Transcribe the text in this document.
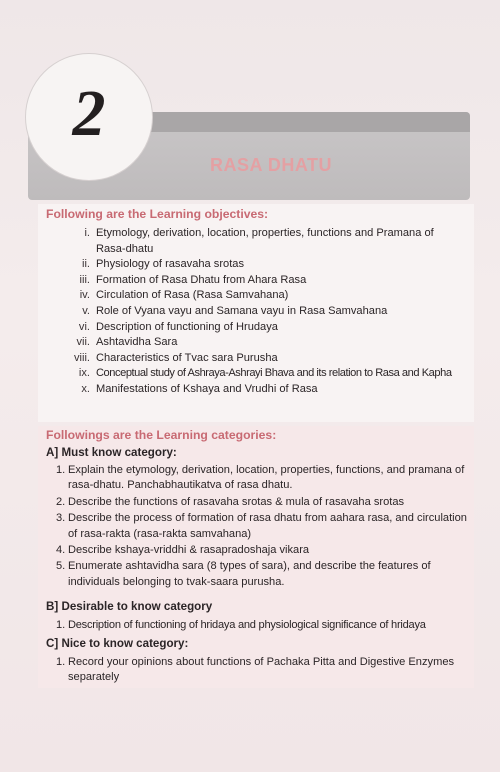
2
RASA DHATU
Following are the Learning objectives:
i. Etymology, derivation, location, properties, functions and Pramana of Rasa-dhatu
ii. Physiology of rasavaha srotas
iii. Formation of Rasa Dhatu from Ahara Rasa
iv. Circulation of Rasa (Rasa Samvahana)
v. Role of Vyana vayu and Samana vayu in Rasa Samvahana
vi. Description of functioning of Hrudaya
vii. Ashtavidha Sara
viii. Characteristics of Tvac sara Purusha
ix. Conceptual study of Ashraya-Ashrayi Bhava and its relation to Rasa and Kapha
x. Manifestations of Kshaya and Vrudhi of Rasa
Followings are the Learning categories:
A] Must know category:
1. Explain the etymology, derivation, location, properties, functions, and pramana of rasa-dhatu. Panchabhautikatva of rasa dhatu.
2. Describe the functions of rasavaha srotas & mula of rasavaha srotas
3. Describe the process of formation of rasa dhatu from aahara rasa, and circulation of rasa-rakta (rasa-rakta samvahana)
4. Describe kshaya-vriddhi & rasapradoshaja vikara
5. Enumerate ashtavidha sara (8 types of sara), and describe the features of individuals belonging to tvak-saara purusha.
B] Desirable to know category
1. Description of functioning of hridaya and physiological significance of hridaya
C] Nice to know category:
1. Record your opinions about functions of Pachaka Pitta and Digestive Enzymes separately
